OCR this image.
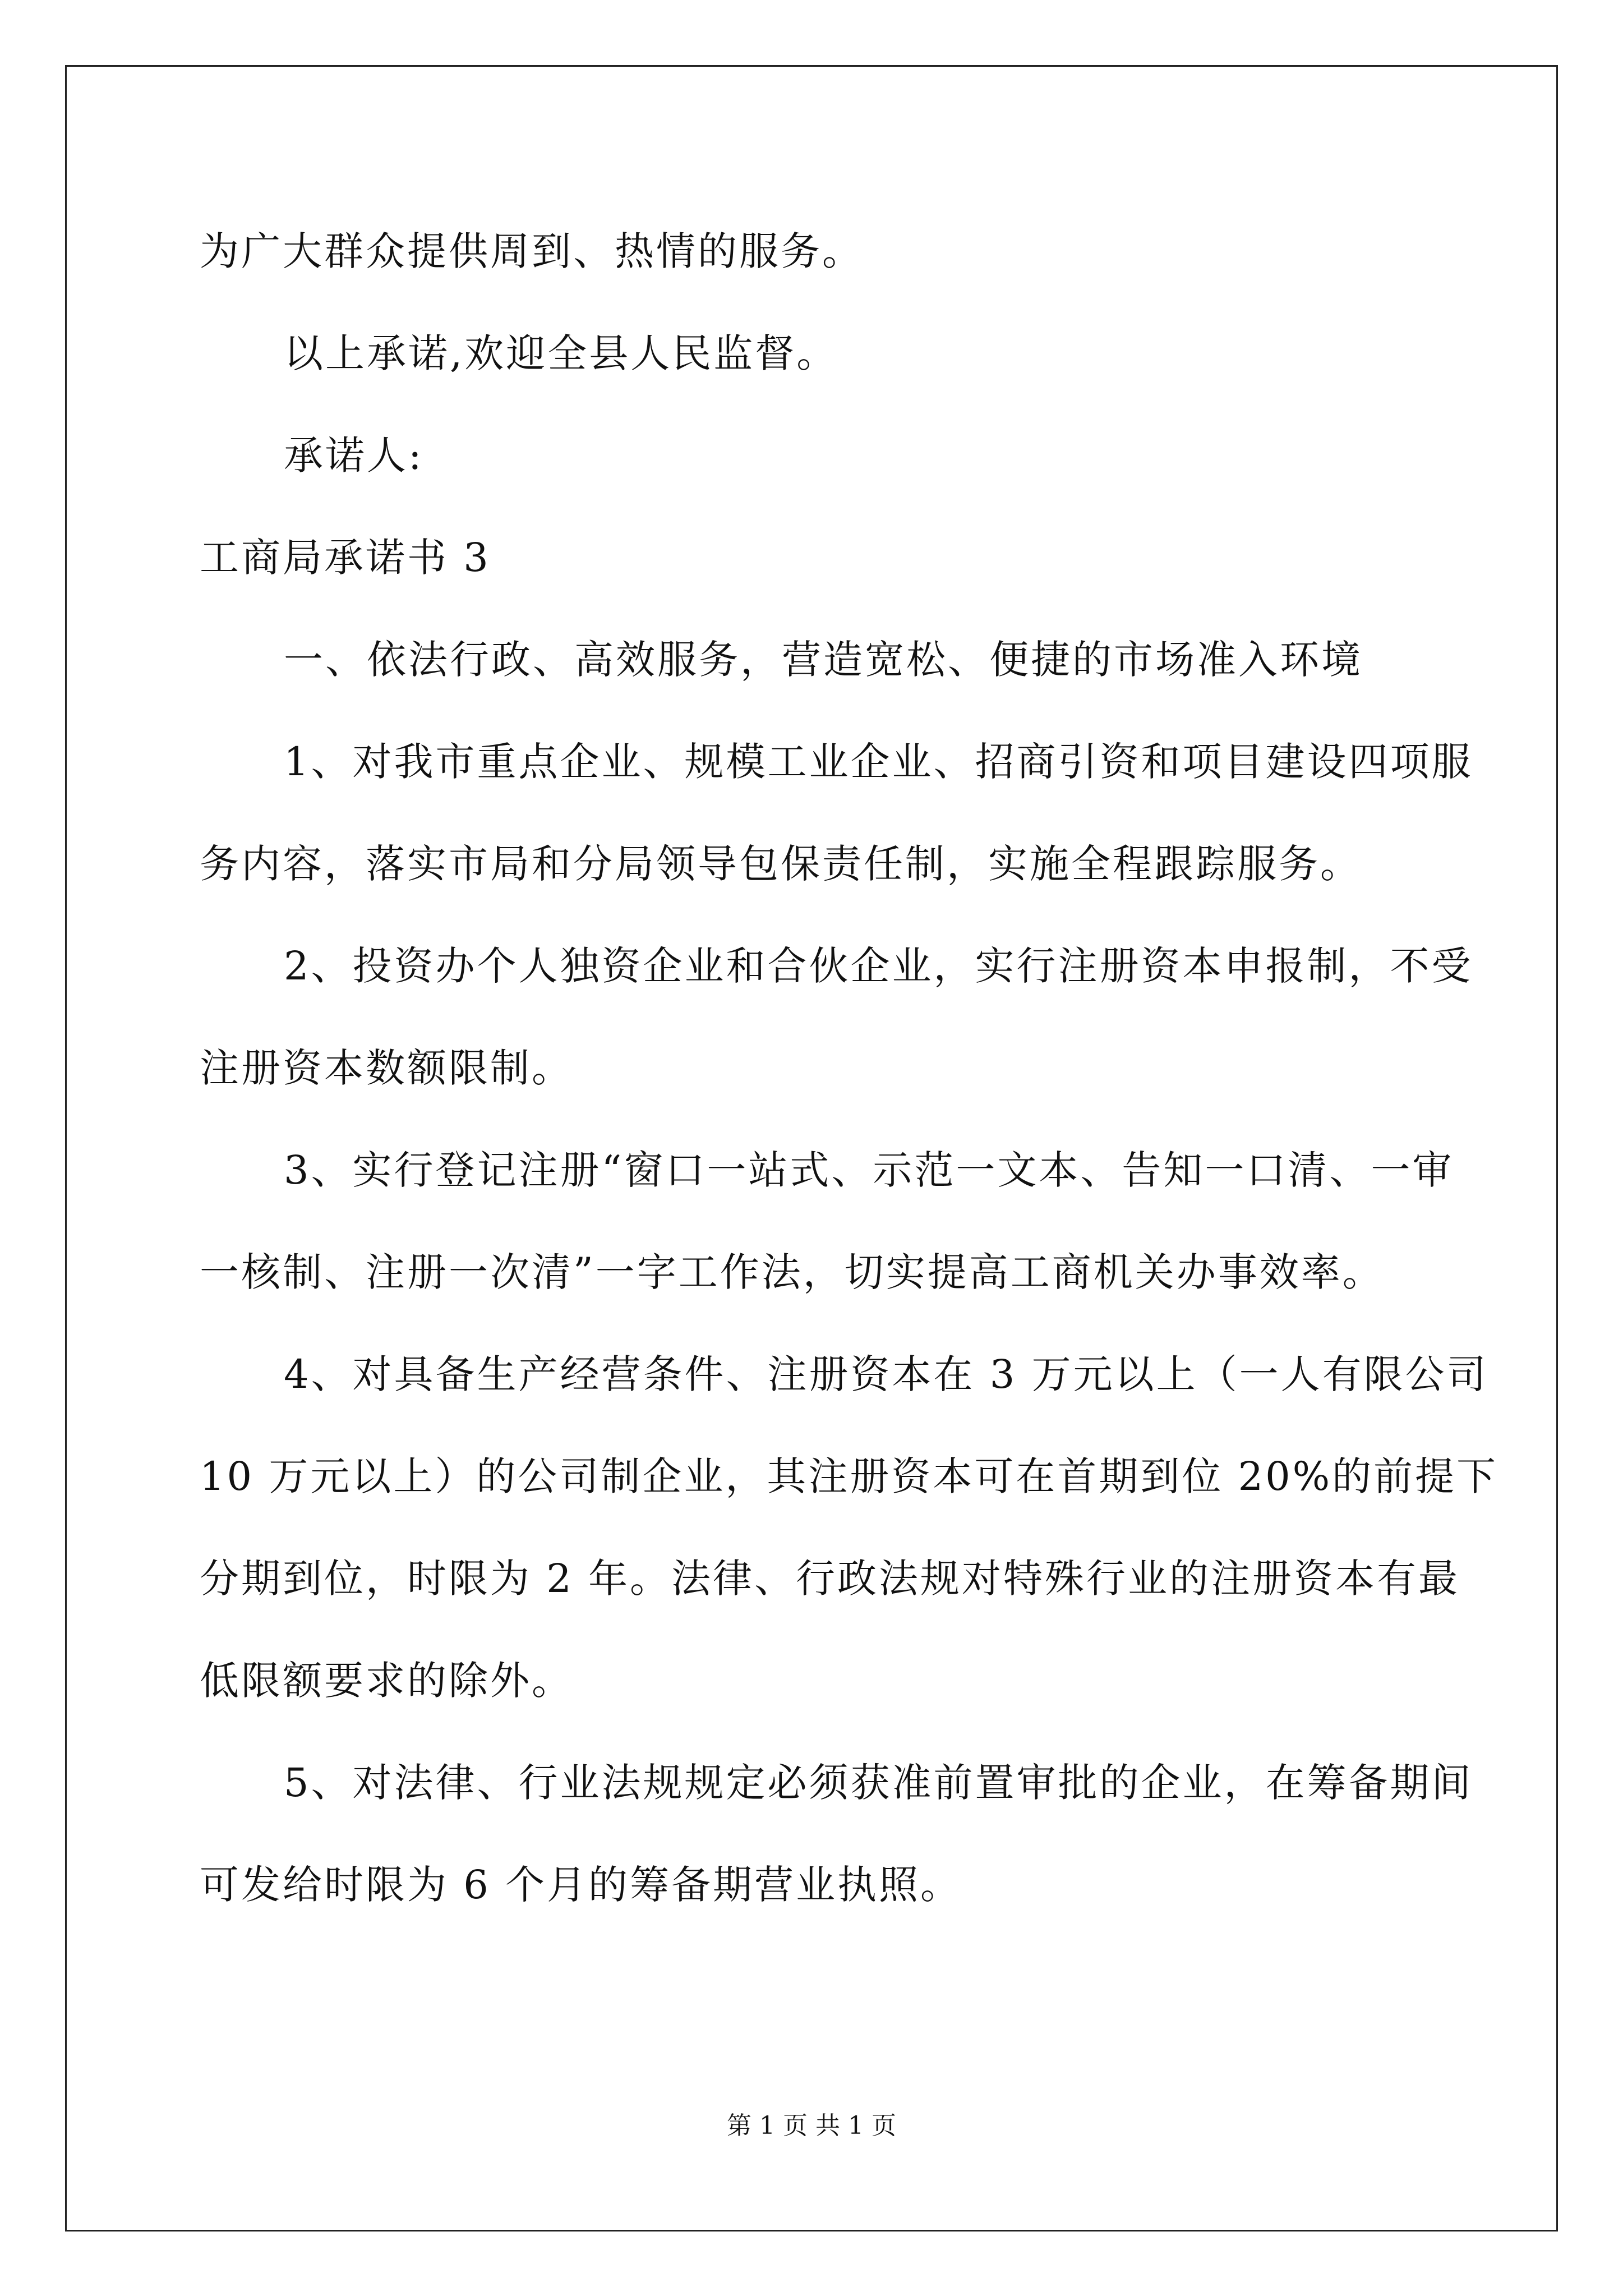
为广大群众提供周到、热情的服务。
以上承诺,欢迎全县人民监督。
承诺人:
工商局承诺书 3
一、依法行政、高效服务，营造宽松、便捷的市场准入环境
1、对我市重点企业、规模工业企业、招商引资和项目建设四项服
务内容，落实市局和分局领导包保责任制，实施全程跟踪服务。
2、投资办个人独资企业和合伙企业，实行注册资本申报制，不受
注册资本数额限制。
3、实行登记注册“窗口一站式、示范一文本、告知一口清、一审
一核制、注册一次清”一字工作法，切实提高工商机关办事效率。
4、对具备生产经营条件、注册资本在 3 万元以上（一人有限公司
10 万元以上）的公司制企业，其注册资本可在首期到位 20%的前提下
分期到位，时限为 2 年。法律、行政法规对特殊行业的注册资本有最
低限额要求的除外。
5、对法律、行业法规规定必须获准前置审批的企业，在筹备期间
可发给时限为 6 个月的筹备期营业执照。
第 1 页 共 1 页
